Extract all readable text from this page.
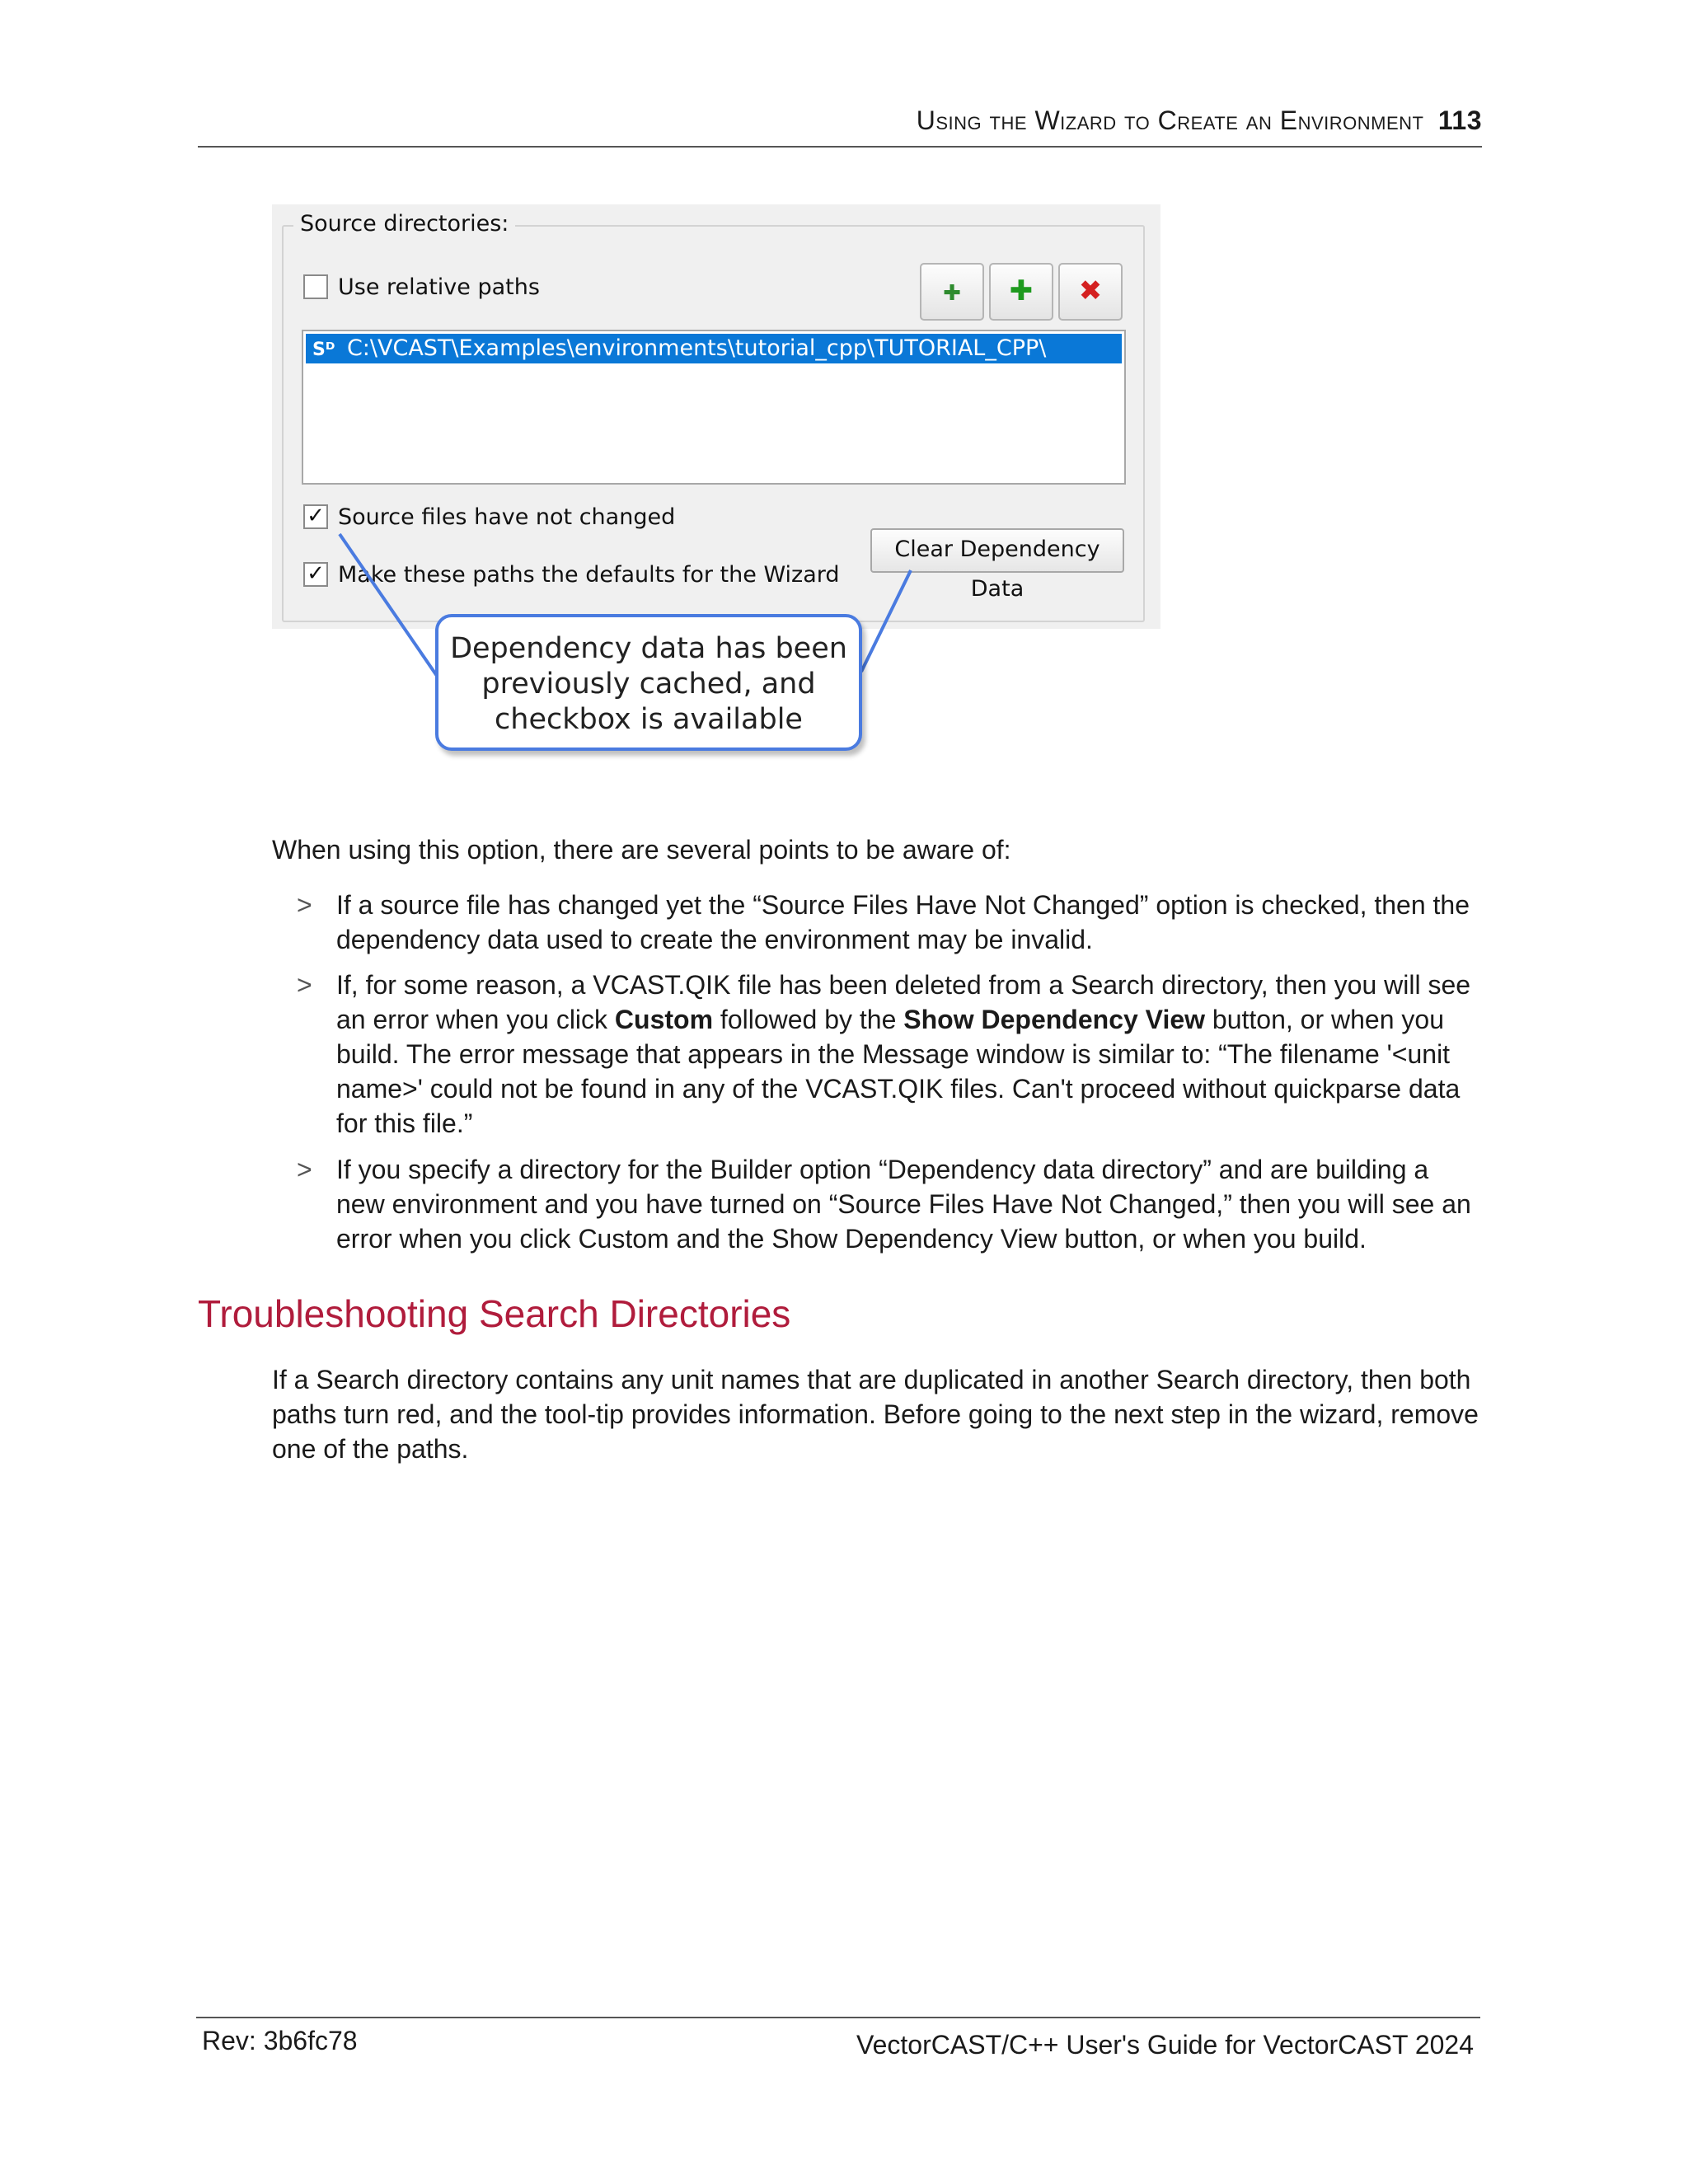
Using the Wizard to Create an Environment 113
Source directories:
Use relative paths	✚	✚	✖
Sᴰ C:\VCAST\Examples\environments\tutorial_cpp\TUTORIAL_CPP\
✓ Source files have not changed
✓ Make these paths the defaults for the Wizard
Clear Dependency Data
Dependency data has been previously cached, and checkbox is available
When using this option, there are several points to be aware of:
> If a source file has changed yet the “Source Files Have Not Changed” option is checked, then the dependency data used to create the environment may be invalid.
> If, for some reason, a VCAST.QIK file has been deleted from a Search directory, then you will see an error when you click Custom followed by the Show Dependency View button, or when you build. The error message that appears in the Message window is similar to: “The filename '<unit name>' could not be found in any of the VCAST.QIK files. Can't proceed without quickparse data for this file.”
> If you specify a directory for the Builder option “Dependency data directory” and are building a new environment and you have turned on “Source Files Have Not Changed,” then you will see an error when you click Custom and the Show Dependency View button, or when you build.
Troubleshooting Search Directories
If a Search directory contains any unit names that are duplicated in another Search directory, then both paths turn red, and the tool-tip provides information. Before going to the next step in the wizard, remove one of the paths.
Rev: 3b6fc78	VectorCAST/C++ User's Guide for VectorCAST 2024
